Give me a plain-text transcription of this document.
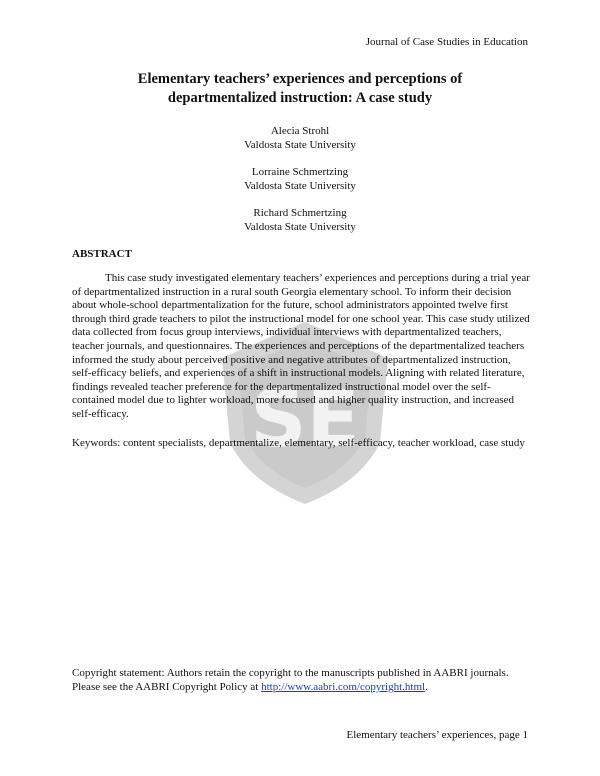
SE
Journal of Case Studies in Education
Elementary teachers’ experiences and perceptions of
departmentalized instruction: A case study
Alecia Strohl
Valdosta State University
Lorraine Schmertzing
Valdosta State University
Richard Schmertzing
Valdosta State University
ABSTRACT

This case study investigated elementary teachers’ experiences and perceptions during a trial year of departmentalized instruction in a rural south Georgia elementary school. To inform their decision about whole-school departmentalization for the future, school administrators appointed twelve first through third grade teachers to pilot the instructional model for one school year. This case study utilized data collected from focus group interviews, individual interviews with departmentalized teachers, teacher journals, and questionnaires. The experiences and perceptions of the departmentalized teachers informed the study about perceived positive and negative attributes of departmentalized instruction, self-efficacy beliefs, and experiences of a shift in instructional models. Aligning with related literature, findings revealed teacher preference for the departmentalized instructional model over the self-contained model due to lighter workload, more focused and higher quality instruction, and increased self-efficacy.

Keywords: content specialists, departmentalize, elementary, self-efficacy, teacher workload, case study

Copyright statement: Authors retain the copyright to the manuscripts published in AABRI journals. Please see the AABRI Copyright Policy at http://www.aabri.com/copyright.html.

Elementary teachers’ experiences, page 1
